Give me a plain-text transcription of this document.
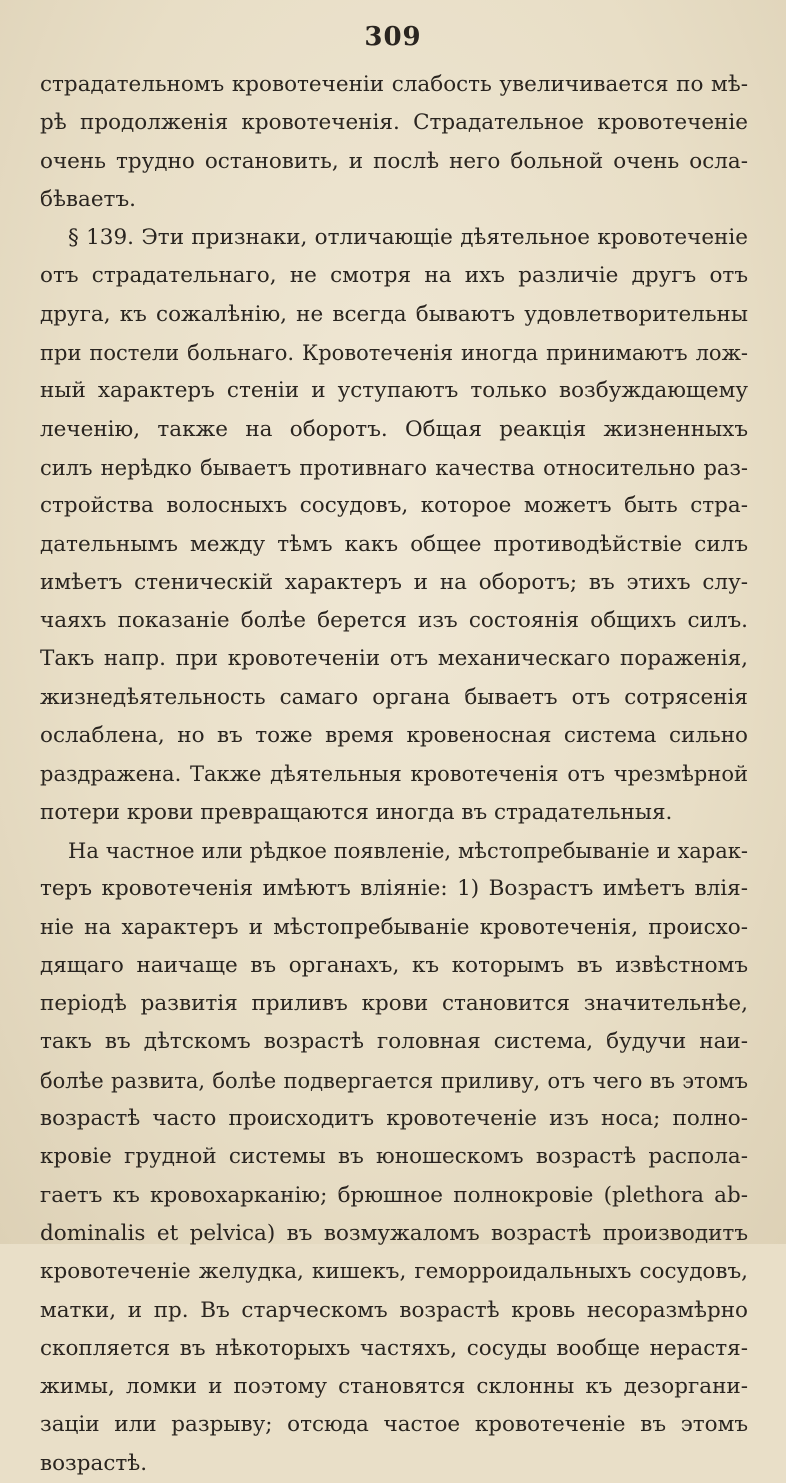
309
страдательномъ кровотеченіи слабость увеличивается по мѣ-
рѣ продолженія кровотеченія. Страдательное кровотеченіе
очень трудно остановить, и послѣ него больной очень осла-
бѣваетъ.
§ 139. Эти признаки, отличающіе дѣятельное кровотеченіе
отъ страдательнаго, не смотря на ихъ различіе другъ отъ
друга, къ сожалѣнію, не всегда бываютъ удовлетворительны
при постели больнаго. Кровотеченія иногда принимаютъ лож-
ный характеръ стеніи и уступаютъ только возбуждающему
леченію, также на оборотъ. Общая реакція жизненныхъ
силъ нерѣдко бываетъ противнаго качества относительно раз-
стройства волосныхъ сосудовъ, которое можетъ быть стра-
дательнымъ между тѣмъ какъ общее противодѣйствіе силъ
имѣетъ стеническій характеръ и на оборотъ; въ этихъ слу-
чаяхъ показаніе болѣе берется изъ состоянія общихъ силъ.
Такъ напр. при кровотеченіи отъ механическаго пораженія,
жизнедѣятельность самаго органа бываетъ отъ сотрясенія
ослаблена, но въ тоже время кровеносная система сильно
раздражена. Также дѣятельныя кровотеченія отъ чрезмѣрной
потери крови превращаются иногда въ страдательныя.
На частное или рѣдкое появленіе, мѣстопребываніе и харак-
теръ кровотеченія имѣютъ вліяніе: 1) Возрастъ имѣетъ влія-
ніе на характеръ и мѣстопребываніе кровотеченія, происхо-
дящаго наичаще въ органахъ, къ которымъ въ извѣстномъ
періодѣ развитія приливъ крови становится значительнѣе,
такъ въ дѣтскомъ возрастѣ головная система, будучи наи-
болѣе развита, болѣе подвергается приливу, отъ чего въ этомъ
возрастѣ часто происходитъ кровотеченіе изъ носа; полно-
кровіе грудной системы въ юношескомъ возрастѣ распола-
гаетъ къ кровохарканію; брюшное полнокровіе (plethora ab-
dominalis et pelvica) въ возмужаломъ возрастѣ производитъ
кровотеченіе желудка, кишекъ, геморроидальныхъ сосудовъ,
матки, и пр. Въ старческомъ возрастѣ кровь несоразмѣрно
скопляется въ нѣкоторыхъ частяхъ, сосуды вообще нерастя-
жимы, ломки и поэтому становятся склонны къ дезоргани-
заціи или разрыву; отсюда частое кровотеченіе въ этомъ
возрастѣ.
